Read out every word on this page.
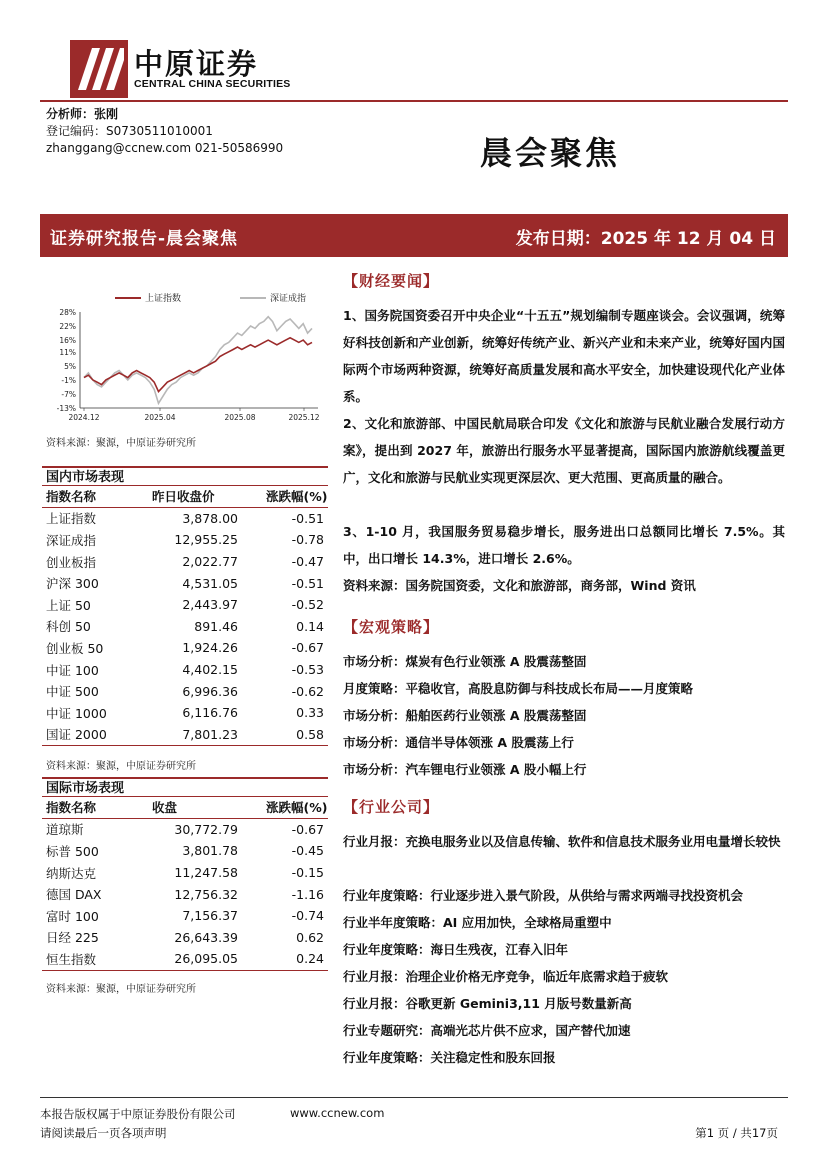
中原证券
CENTRAL CHINA SECURITIES
分析师：张刚
登记编码：S0730511010001
zhanggang@ccnew.com 021-50586990	晨会聚焦
证券研究报告-晨会聚焦	发布日期：2025 年 12 月 04 日
28%
22%
16%
11%
5%
-1%
-7%
-13%
2024.12	2025.04	2025.08	2025.12
上证指数	深证成指
资料来源：聚源，中原证券研究所
国内市场表现
指数名称	昨日收盘价	涨跌幅(%)
上证指数	3,878.00	-0.51
深证成指	12,955.25	-0.78
创业板指	2,022.77	-0.47
沪深 300	4,531.05	-0.51
上证 50	2,443.97	-0.52
科创 50	891.46	0.14
创业板 50	1,924.26	-0.67
中证 100	4,402.15	-0.53
中证 500	6,996.36	-0.62
中证 1000	6,116.76	0.33
国证 2000	7,801.23	0.58
资料来源：聚源，中原证券研究所
国际市场表现
指数名称	收盘	涨跌幅(%)
道琼斯	30,772.79	-0.67
标普 500	3,801.78	-0.45
纳斯达克	11,247.58	-0.15
德国 DAX	12,756.32	-1.16
富时 100	7,156.37	-0.74
日经 225	26,643.39	0.62
恒生指数	26,095.05	0.24
资料来源：聚源，中原证券研究所
【财经要闻】
1、国务院国资委召开中央企业“十五五”规划编制专题座谈会。会议强调，统筹好科技创新和产业创新，统筹好传统产业、新兴产业和未来产业，统筹好国内国际两个市场两种资源，统筹好高质量发展和高水平安全，加快建设现代化产业体系。
2、文化和旅游部、中国民航局联合印发《文化和旅游与民航业融合发展行动方案》，提出到 2027 年，旅游出行服务水平显著提高，国际国内旅游航线覆盖更广，文化和旅游与民航业实现更深层次、更大范围、更高质量的融合。
3、1-10 月，我国服务贸易稳步增长，服务进出口总额同比增长 7.5%。其中，出口增长 14.3%，进口增长 2.6%。
资料来源：国务院国资委，文化和旅游部，商务部，Wind 资讯
【宏观策略】
市场分析：煤炭有色行业领涨 A 股震荡整固
月度策略：平稳收官，高股息防御与科技成长布局——月度策略
市场分析：船舶医药行业领涨 A 股震荡整固
市场分析：通信半导体领涨 A 股震荡上行
市场分析：汽车锂电行业领涨 A 股小幅上行
【行业公司】
行业月报：充换电服务业以及信息传输、软件和信息技术服务业用电量增长较快
行业年度策略：行业逐步进入景气阶段，从供给与需求两端寻找投资机会
行业半年度策略：AI 应用加快，全球格局重塑中
行业年度策略：海日生残夜，江春入旧年
行业月报：治理企业价格无序竞争，临近年底需求趋于疲软
行业月报：谷歌更新 Gemini3,11 月版号数量新高
行业专题研究：高端光芯片供不应求，国产替代加速
行业年度策略：关注稳定性和股东回报
本报告版权属于中原证券股份有限公司	www.ccnew.com
请阅读最后一页各项声明	第1 页 / 共17页
